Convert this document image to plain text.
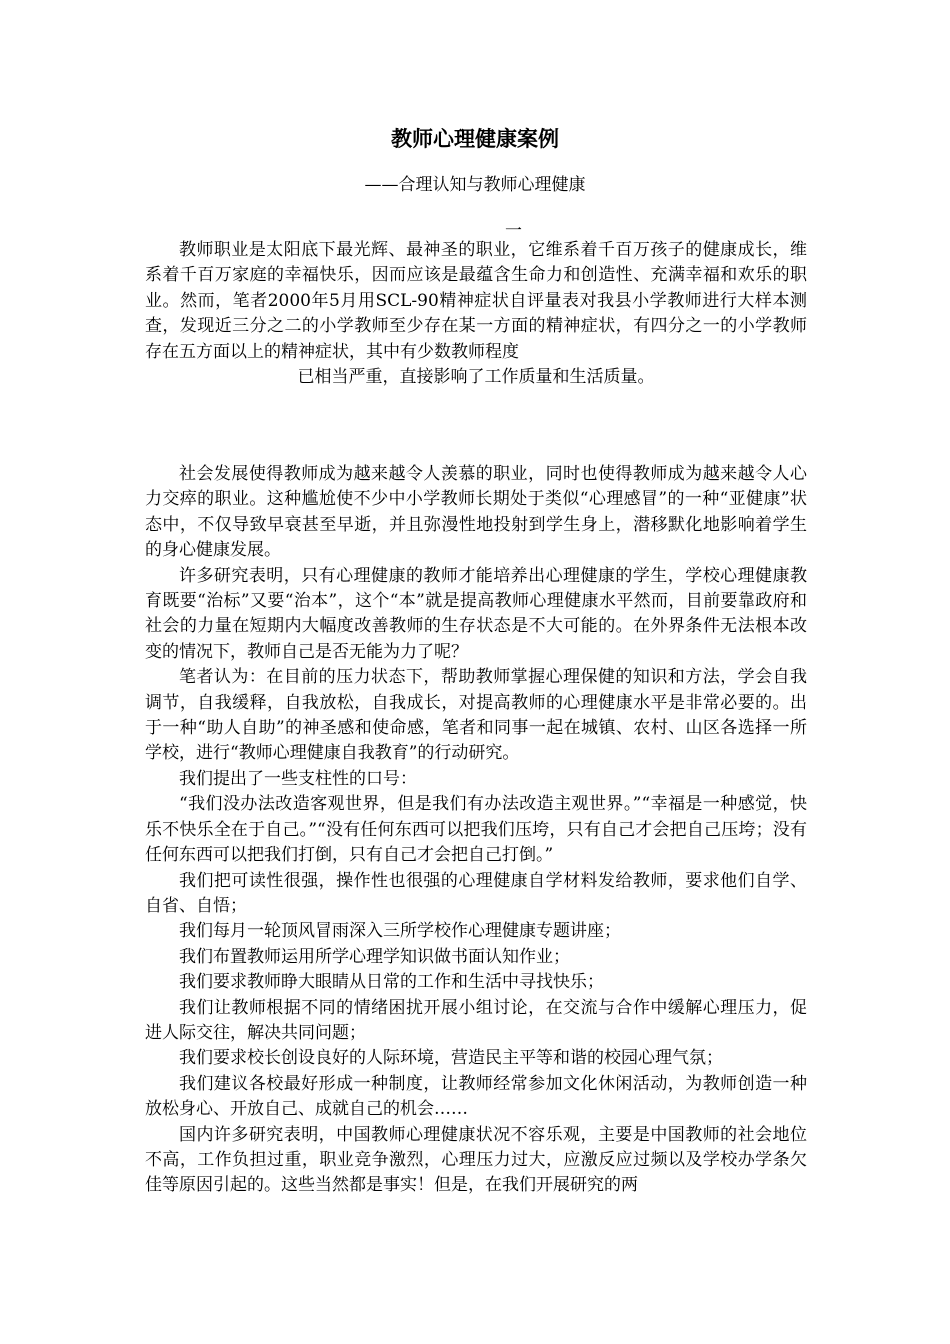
教师心理健康案例
——合理认知与教师心理健康
一

教师职业是太阳底下最光辉、最神圣的职业，它维系着千百万孩子的健康成长，维系着千百万家庭的幸福快乐，因而应该是最蕴含生命力和创造性、充满幸福和欢乐的职业。然而，笔者2000年5月用SCL-90精神症状自评量表对我县小学教师进行大样本测查，发现近三分之二的小学教师至少存在某一方面的精神症状，有四分之一的小学教师存在五方面以上的精神症状，其中有少数教师程度

已相当严重，直接影响了工作质量和生活质量。

社会发展使得教师成为越来越令人羡慕的职业，同时也使得教师成为越来越令人心力交瘁的职业。这种尴尬使不少中小学教师长期处于类似“心理感冒”的一种“亚健康”状态中，不仅导致早衰甚至早逝，并且弥漫性地投射到学生身上，潜移默化地影响着学生的身心健康发展。

许多研究表明，只有心理健康的教师才能培养出心理健康的学生，学校心理健康教育既要“治标”又要“治本”，这个“本”就是提高教师心理健康水平然而，目前要靠政府和社会的力量在短期内大幅度改善教师的生存状态是不大可能的。在外界条件无法根本改变的情况下，教师自己是否无能为力了呢？

笔者认为：在目前的压力状态下，帮助教师掌握心理保健的知识和方法，学会自我调节，自我缓释，自我放松，自我成长，对提高教师的心理健康水平是非常必要的。出于一种“助人自助”的神圣感和使命感，笔者和同事一起在城镇、农村、山区各选择一所学校，进行“教师心理健康自我教育”的行动研究。

我们提出了一些支柱性的口号：

“我们没办法改造客观世界，但是我们有办法改造主观世界。”“幸福是一种感觉，快乐不快乐全在于自己。”“没有任何东西可以把我们压垮，只有自己才会把自己压垮；没有任何东西可以把我们打倒，只有自己才会把自己打倒。”

我们把可读性很强，操作性也很强的心理健康自学材料发给教师，要求他们自学、自省、自悟；

我们每月一轮顶风冒雨深入三所学校作心理健康专题讲座；

我们布置教师运用所学心理学知识做书面认知作业；

我们要求教师睁大眼睛从日常的工作和生活中寻找快乐；

我们让教师根据不同的情绪困扰开展小组讨论，在交流与合作中缓解心理压力，促进人际交往，解决共同问题；

我们要求校长创设良好的人际环境，营造民主平等和谐的校园心理气氛；

我们建议各校最好形成一种制度，让教师经常参加文化休闲活动，为教师创造一种放松身心、开放自己、成就自己的机会……

国内许多研究表明，中国教师心理健康状况不容乐观，主要是中国教师的社会地位不高，工作负担过重，职业竞争激烈，心理压力过大，应激反应过频以及学校办学条欠佳等原因引起的。这些当然都是事实！但是，在我们开展研究的两
